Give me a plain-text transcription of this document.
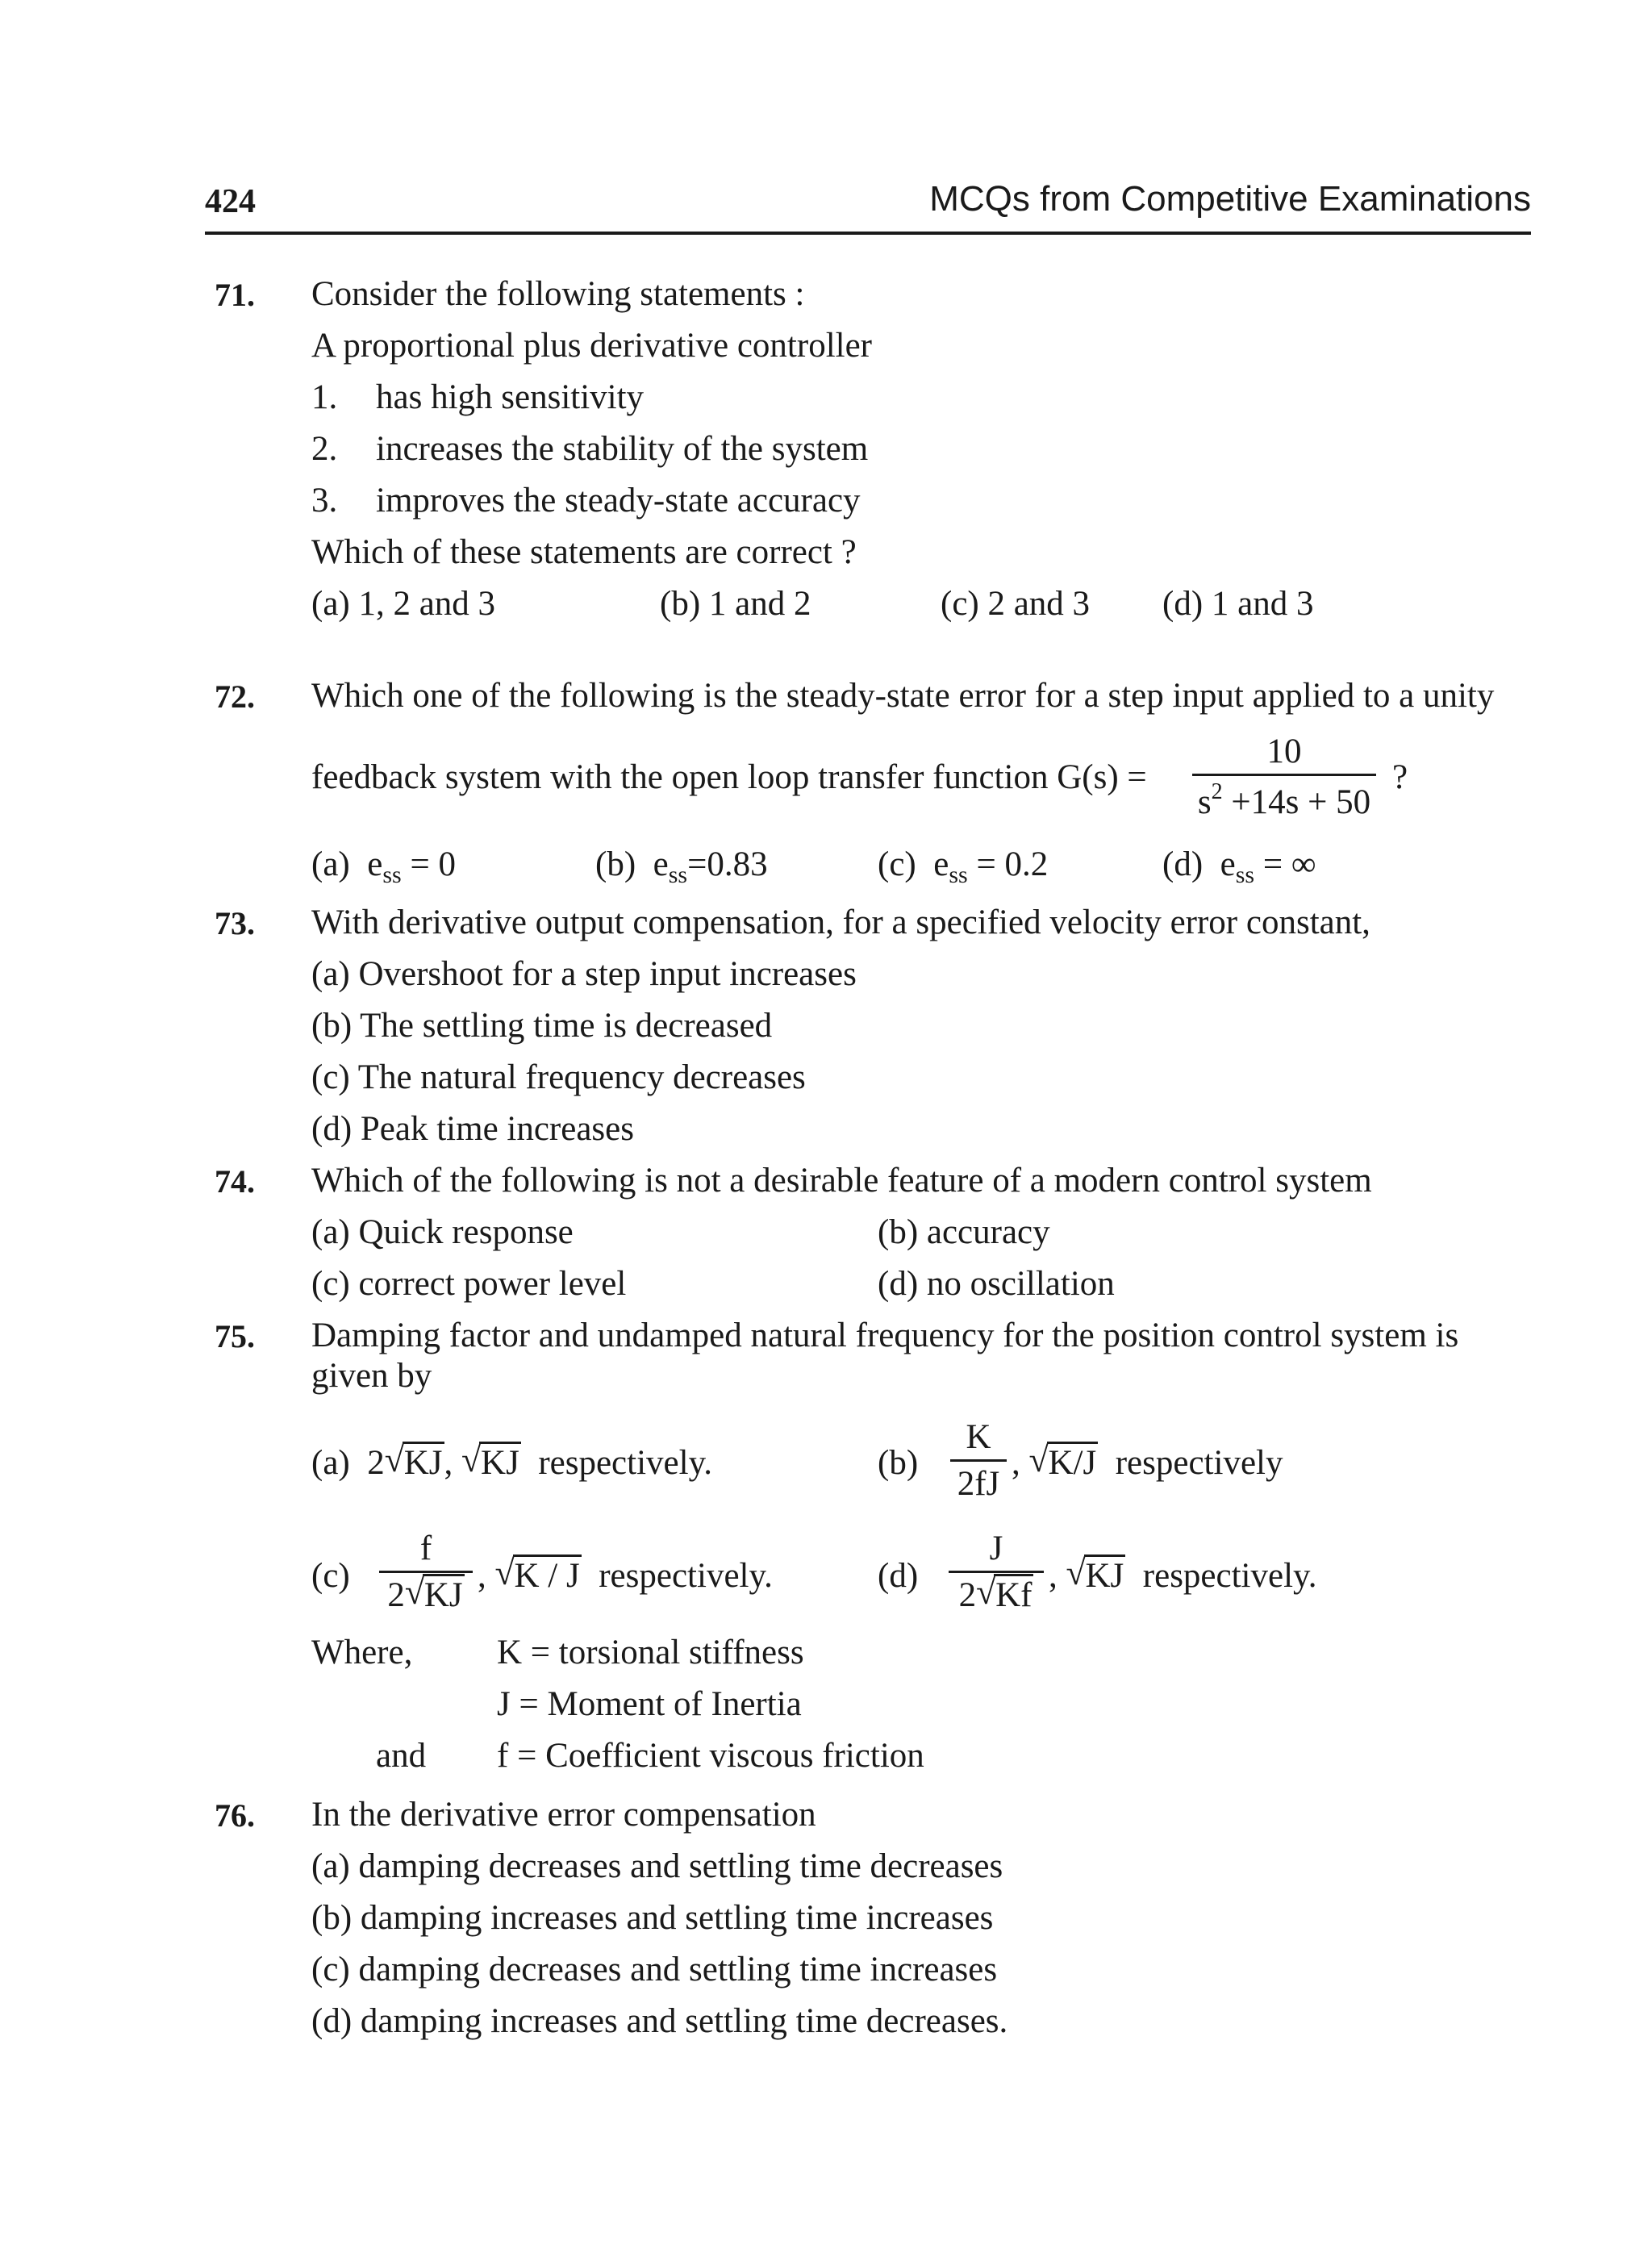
424	MCQs from Competitive Examinations
71. Consider the following statements :
A proportional plus derivative controller
1. has high sensitivity
2. increases the stability of the system
3. improves the steady-state accuracy
Which of these statements are correct ?
(a) 1, 2 and 3	(b) 1 and 2	(c) 2 and 3 (d) 1 and 3
72. Which one of the following is the steady-state error for a step input applied to a unity
feedback system with the open loop transfer function G(s) =
10
$s^2 +14s + 50$
?
(a) $e_{ss} = 0$	(b) $e_{ss}=0.83$	(c) $e_{ss} = 0.2$	(d) $e_{ss}$ = ∞
73. With derivative output compensation, for a specified velocity error constant,
(a) Overshoot for a step input increases
(b) The settling time is decreased
(c) The natural frequency decreases
(d) Peak time increases
74. Which of the following is not a desirable feature of a modern control system
(a) Quick response	(b) accuracy
(c) correct power level	(d) no oscillation
75. Damping factor and undamped natural frequency for the position control system is
given by
(a) 2 √ KJ, √ KJ respectively.	(b)
K
2fJ
, √ K/J respectively
(c)
f
2 √ KJ
, √ K / J respectively.	(d)
J
2 √ Kf
, √ KJ respectively.
Where, K = torsional stiffness
J = Moment of Inertia
and f = Coefficient viscous friction
76. In the derivative error compensation
(a) damping decreases and settling time decreases
(b) damping increases and settling time increases
(c) damping decreases and settling time increases
(d) damping increases and settling time decreases.
